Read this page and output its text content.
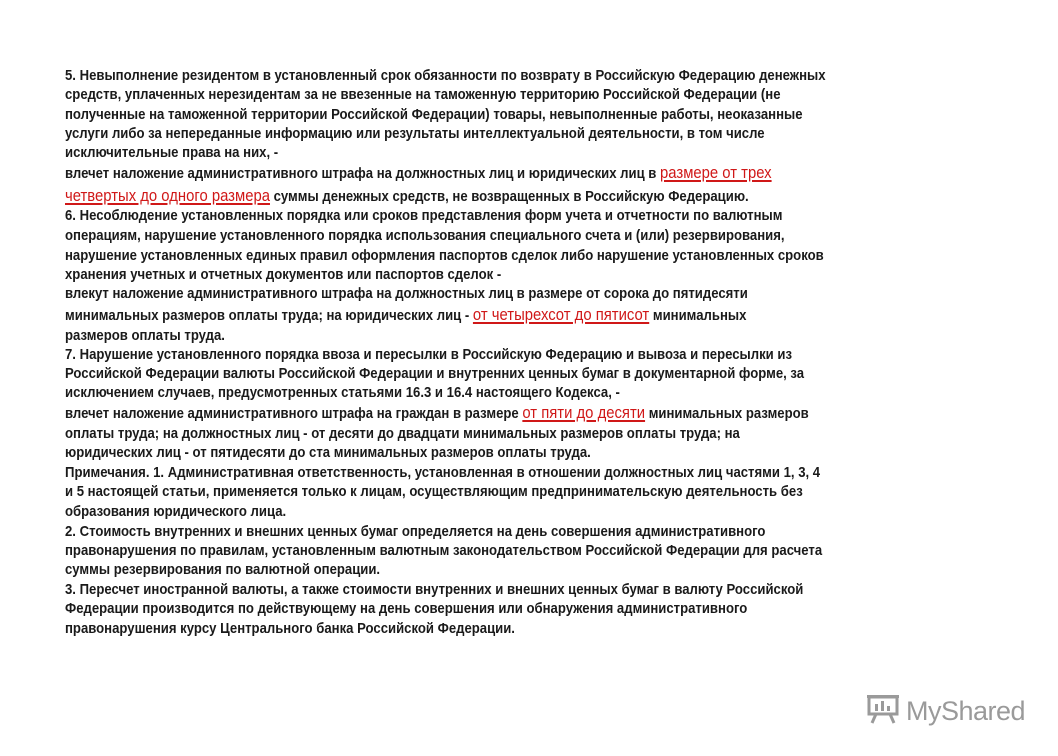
5. Невыполнение резидентом в установленный срок обязанности по возврату в Российскую Федерацию денежных
средств, уплаченных нерезидентам за не ввезенные на таможенную территорию Российской Федерации (не
полученные на таможенной территории Российской Федерации) товары, невыполненные работы, неоказанные
услуги либо за непереданные информацию или результаты интеллектуальной деятельности, в том числе
исключительные права на них, -
влечет наложение административного штрафа на должностных лиц и юридических лиц в размере от трех
четвертых до одного размера суммы денежных средств, не возвращенных в Российскую Федерацию.
6. Несоблюдение установленных порядка или сроков представления форм учета и отчетности по валютным
операциям, нарушение установленного порядка использования специального счета и (или) резервирования,
нарушение установленных единых правил оформления паспортов сделок либо нарушение установленных сроков
хранения учетных и отчетных документов или паспортов сделок -
влекут наложение административного штрафа на должностных лиц в размере от сорока до пятидесяти
минимальных размеров оплаты труда; на юридических лиц - от четырехсот до пятисот минимальных
размеров оплаты труда.
7. Нарушение установленного порядка ввоза и пересылки в Российскую Федерацию и вывоза и пересылки из
Российской Федерации валюты Российской Федерации и внутренних ценных бумаг в документарной форме, за
исключением случаев, предусмотренных статьями 16.3 и 16.4 настоящего Кодекса, -
влечет наложение административного штрафа на граждан в размере от пяти до десяти минимальных размеров
оплаты труда; на должностных лиц - от десяти до двадцати минимальных размеров оплаты труда; на
юридических лиц - от пятидесяти до ста минимальных размеров оплаты труда.
Примечания. 1. Административная ответственность, установленная в отношении должностных лиц частями 1, 3, 4
и 5 настоящей статьи, применяется только к лицам, осуществляющим предпринимательскую деятельность без
образования юридического лица.
2. Стоимость внутренних и внешних ценных бумаг определяется на день совершения административного
правонарушения по правилам, установленным валютным законодательством Российской Федерации для расчета
суммы резервирования по валютной операции.
3. Пересчет иностранной валюты, а также стоимости внутренних и внешних ценных бумаг в валюту Российской
Федерации производится по действующему на день совершения или обнаружения административного
правонарушения курсу Центрального банка Российской Федерации.
MyShared
